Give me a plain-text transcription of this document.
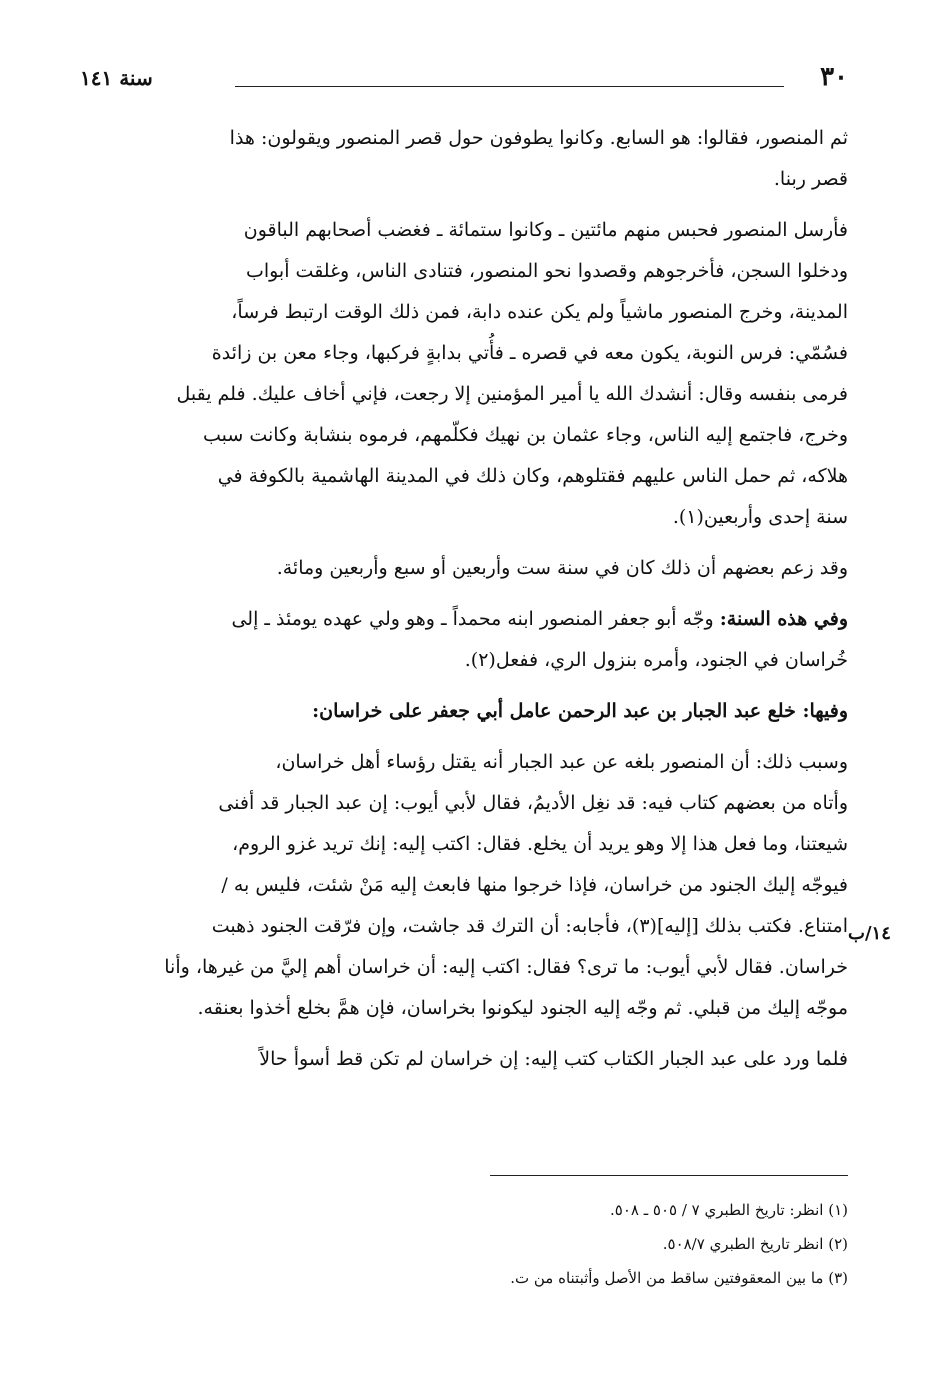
٣٠
سنة ١٤١
ثم المنصور، فقالوا: هو السابع. وكانوا يطوفون حول قصر المنصور ويقولون: هذا
قصر ربنا.
فأرسل المنصور فحبس منهم مائتين ـ وكانوا ستمائة ـ فغضب أصحابهم الباقون
ودخلوا السجن، فأخرجوهم وقصدوا نحو المنصور، فتنادى الناس، وغلقت أبواب
المدينة، وخرج المنصور ماشياً ولم يكن عنده دابة، فمن ذلك الوقت ارتبط فرساً،
فسُمّي: فرس النوبة، يكون معه في قصره ـ فأُتي بدابةٍ فركبها، وجاء معن بن زائدة
فرمى بنفسه وقال: أنشدك الله يا أمير المؤمنين إلا رجعت، فإني أخاف عليك. فلم يقبل
وخرج، فاجتمع إليه الناس، وجاء عثمان بن نهيك فكلّمهم، فرموه بنشابة وكانت سبب
هلاكه، ثم حمل الناس عليهم فقتلوهم، وكان ذلك في المدينة الهاشمية بالكوفة في
سنة إحدى وأربعين(١).
وقد زعم بعضهم أن ذلك كان في سنة ست وأربعين أو سبع وأربعين ومائة.
وفي هذه السنة: وجّه أبو جعفر المنصور ابنه محمداً ـ وهو ولي عهده يومئذ ـ إلى
خُراسان في الجنود، وأمره بنزول الري، ففعل(٢).
وفيها: خلع عبد الجبار بن عبد الرحمن عامل أبي جعفر على خراسان:
وسبب ذلك: أن المنصور بلغه عن عبد الجبار أنه يقتل رؤساء أهل خراسان،
وأتاه من بعضهم كتاب فيه: قد نغِل الأديمُ، فقال لأبي أيوب: إن عبد الجبار قد أفنى
شيعتنا، وما فعل هذا إلا وهو يريد أن يخلع. فقال: اكتب إليه: إنك تريد غزو الروم،
فيوجّه إليك الجنود من خراسان، فإذا خرجوا منها فابعث إليه مَنْ شئت، فليس به /
امتناع. فكتب بذلك [إليه](٣)، فأجابه: أن الترك قد جاشت، وإن فرّقت الجنود ذهبت
خراسان. فقال لأبي أيوب: ما ترى؟ فقال: اكتب إليه: أن خراسان أهم إليَّ من غيرها، وأنا
موجّه إليك من قبلي. ثم وجّه إليه الجنود ليكونوا بخراسان، فإن همَّ بخلع أخذوا بعنقه.
فلما ورد على عبد الجبار الكتاب كتب إليه: إن خراسان لم تكن قط أسوأ حالاً
١٤/ب
(١) انظر: تاريخ الطبري ٧ / ٥٠٥ ـ ٥٠٨.
(٢) انظر تاريخ الطبري ٥٠٨/٧.
(٣) ما بين المعقوفتين ساقط من الأصل وأثبتناه من ت.
